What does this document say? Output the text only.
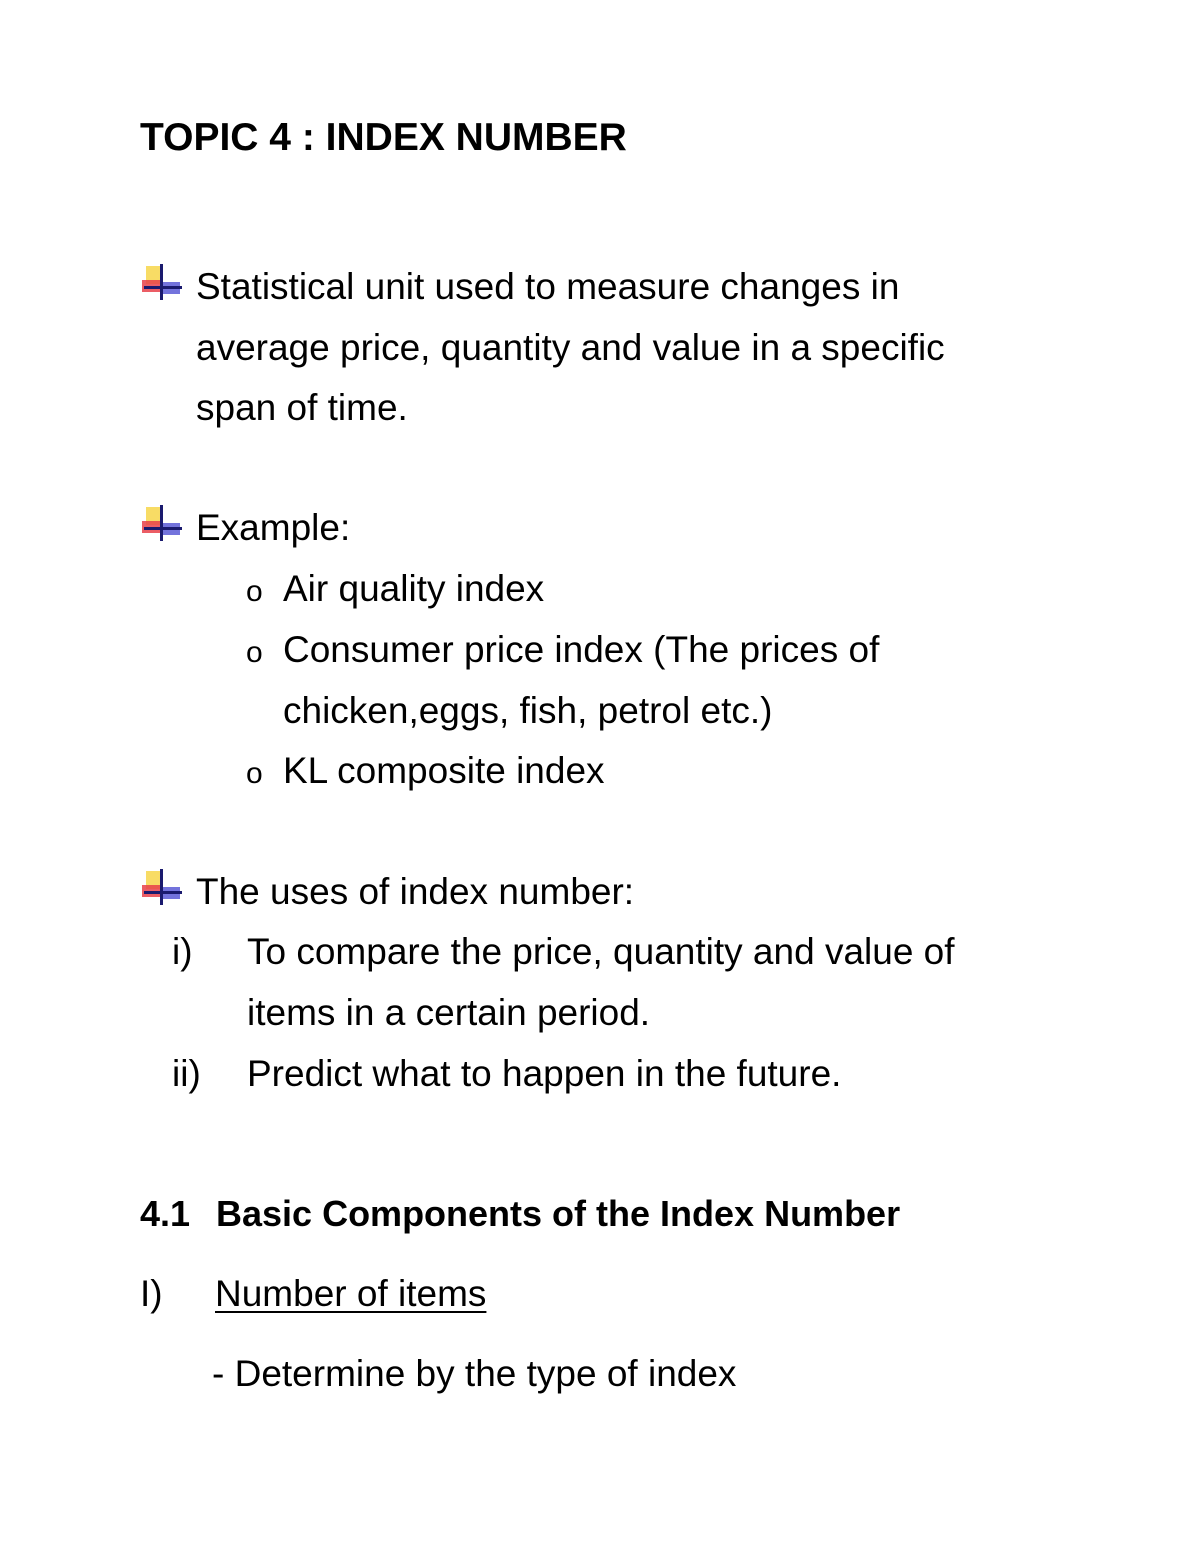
TOPIC 4 : INDEX NUMBER
Statistical unit used to measure changes in
average price, quantity and value in a specific
span of time.
Example:
o Air quality index
o Consumer price index (The prices of
chicken,eggs, fish, petrol etc.)
o KL composite index
The uses of index number:
i) To compare the price, quantity and value of
items in a certain period.
ii) Predict what to happen in the future.
4.1 Basic Components of the Index Number
I) Number of items
- Determine by the type of index
